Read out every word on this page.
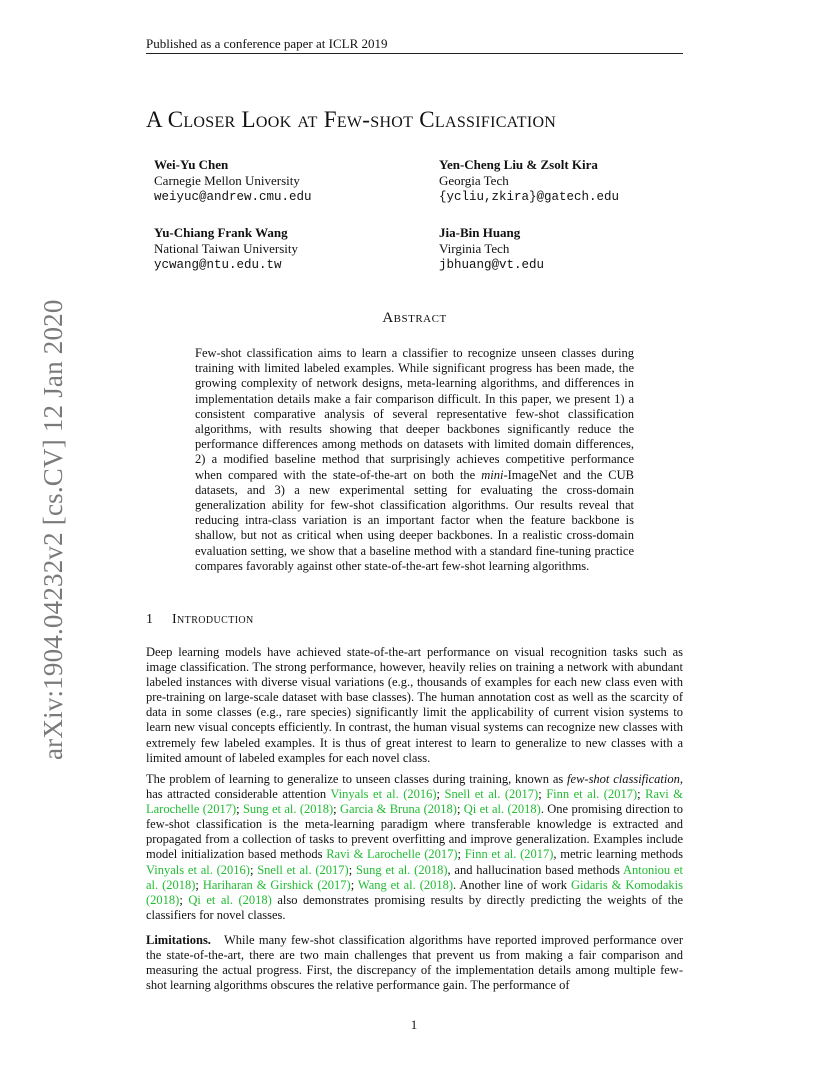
Published as a conference paper at ICLR 2019
arXiv:1904.04232v2 [cs.CV] 12 Jan 2020
A Closer Look at Few-shot Classification
Wei-Yu Chen
Carnegie Mellon University
weiyuc@andrew.cmu.edu
Yen-Cheng Liu & Zsolt Kira
Georgia Tech
{ycliu,zkira}@gatech.edu
Yu-Chiang Frank Wang
National Taiwan University
ycwang@ntu.edu.tw
Jia-Bin Huang
Virginia Tech
jbhuang@vt.edu
Abstract
Few-shot classification aims to learn a classifier to recognize unseen classes during training with limited labeled examples. While significant progress has been made, the growing complexity of network designs, meta-learning algorithms, and differences in implementation details make a fair comparison difficult. In this paper, we present 1) a consistent comparative analysis of several representative few-shot classification algorithms, with results showing that deeper backbones significantly reduce the performance differences among methods on datasets with limited domain differences, 2) a modified baseline method that surprisingly achieves competitive performance when compared with the state-of-the-art on both the mini-ImageNet and the CUB datasets, and 3) a new experimental setting for evaluating the cross-domain generalization ability for few-shot classification algorithms. Our results reveal that reducing intra-class variation is an important factor when the feature backbone is shallow, but not as critical when using deeper backbones. In a realistic cross-domain evaluation setting, we show that a baseline method with a standard fine-tuning practice compares favorably against other state-of-the-art few-shot learning algorithms.
1 Introduction

Deep learning models have achieved state-of-the-art performance on visual recognition tasks such as image classification. The strong performance, however, heavily relies on training a network with abundant labeled instances with diverse visual variations (e.g., thousands of examples for each new class even with pre-training on large-scale dataset with base classes). The human annotation cost as well as the scarcity of data in some classes (e.g., rare species) significantly limit the applicability of current vision systems to learn new visual concepts efficiently. In contrast, the human visual systems can recognize new classes with extremely few labeled examples. It is thus of great interest to learn to generalize to new classes with a limited amount of labeled examples for each novel class.

The problem of learning to generalize to unseen classes during training, known as few-shot classification, has attracted considerable attention Vinyals et al. (2016); Snell et al. (2017); Finn et al. (2017); Ravi & Larochelle (2017); Sung et al. (2018); Garcia & Bruna (2018); Qi et al. (2018). One promising direction to few-shot classification is the meta-learning paradigm where transferable knowledge is extracted and propagated from a collection of tasks to prevent overfitting and improve generalization. Examples include model initialization based methods Ravi & Larochelle (2017); Finn et al. (2017), metric learning methods Vinyals et al. (2016); Snell et al. (2017); Sung et al. (2018), and hallucination based methods Antoniou et al. (2018); Hariharan & Girshick (2017); Wang et al. (2018). Another line of work Gidaris & Komodakis (2018); Qi et al. (2018) also demonstrates promising results by directly predicting the weights of the classifiers for novel classes.

Limitations. While many few-shot classification algorithms have reported improved performance over the state-of-the-art, there are two main challenges that prevent us from making a fair comparison and measuring the actual progress. First, the discrepancy of the implementation details among multiple few-shot learning algorithms obscures the relative performance gain. The performance of

1
